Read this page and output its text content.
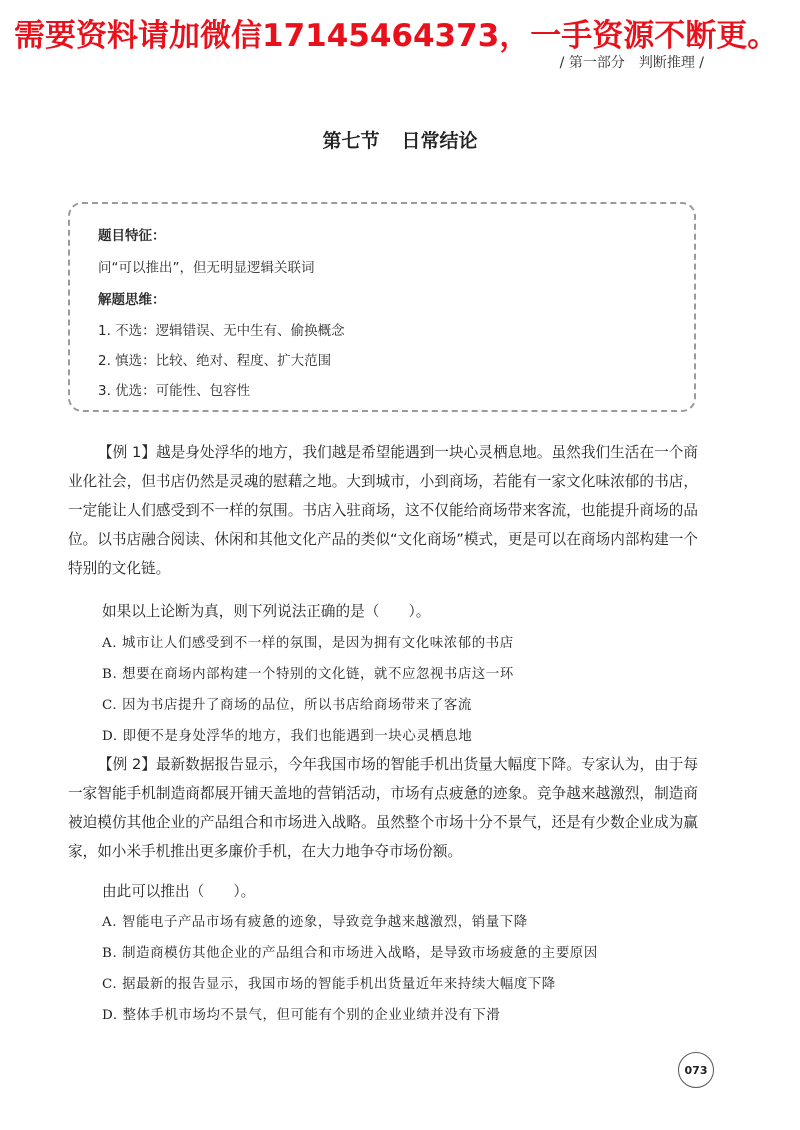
需要资料请加微信17145464373，一手资源不断更。
/ 第一部分　判断推理 /
第七节 日常结论
题目特征：
问“可以推出”，但无明显逻辑关联词
解题思维：
1. 不选：逻辑错误、无中生有、偷换概念
2. 慎选：比较、绝对、程度、扩大范围
3. 优选：可能性、包容性
【例 1】越是身处浮华的地方，我们越是希望能遇到一块心灵栖息地。虽然我们生活在一个商业化社会，但书店仍然是灵魂的慰藉之地。大到城市，小到商场，若能有一家文化味浓郁的书店，一定能让人们感受到不一样的氛围。书店入驻商场，这不仅能给商场带来客流，也能提升商场的品位。以书店融合阅读、休闲和其他文化产品的类似“文化商场”模式，更是可以在商场内部构建一个特别的文化链。
如果以上论断为真，则下列说法正确的是（　　）。
A. 城市让人们感受到不一样的氛围，是因为拥有文化味浓郁的书店
B. 想要在商场内部构建一个特别的文化链，就不应忽视书店这一环
C. 因为书店提升了商场的品位，所以书店给商场带来了客流
D. 即便不是身处浮华的地方，我们也能遇到一块心灵栖息地
【例 2】最新数据报告显示，今年我国市场的智能手机出货量大幅度下降。专家认为，由于每一家智能手机制造商都展开铺天盖地的营销活动，市场有点疲惫的迹象。竞争越来越激烈，制造商被迫模仿其他企业的产品组合和市场进入战略。虽然整个市场十分不景气，还是有少数企业成为赢家，如小米手机推出更多廉价手机，在大力地争夺市场份额。
由此可以推出（　　）。
A. 智能电子产品市场有疲惫的迹象，导致竞争越来越激烈，销量下降
B. 制造商模仿其他企业的产品组合和市场进入战略，是导致市场疲惫的主要原因
C. 据最新的报告显示，我国市场的智能手机出货量近年来持续大幅度下降
D. 整体手机市场均不景气，但可能有个别的企业业绩并没有下滑
073
